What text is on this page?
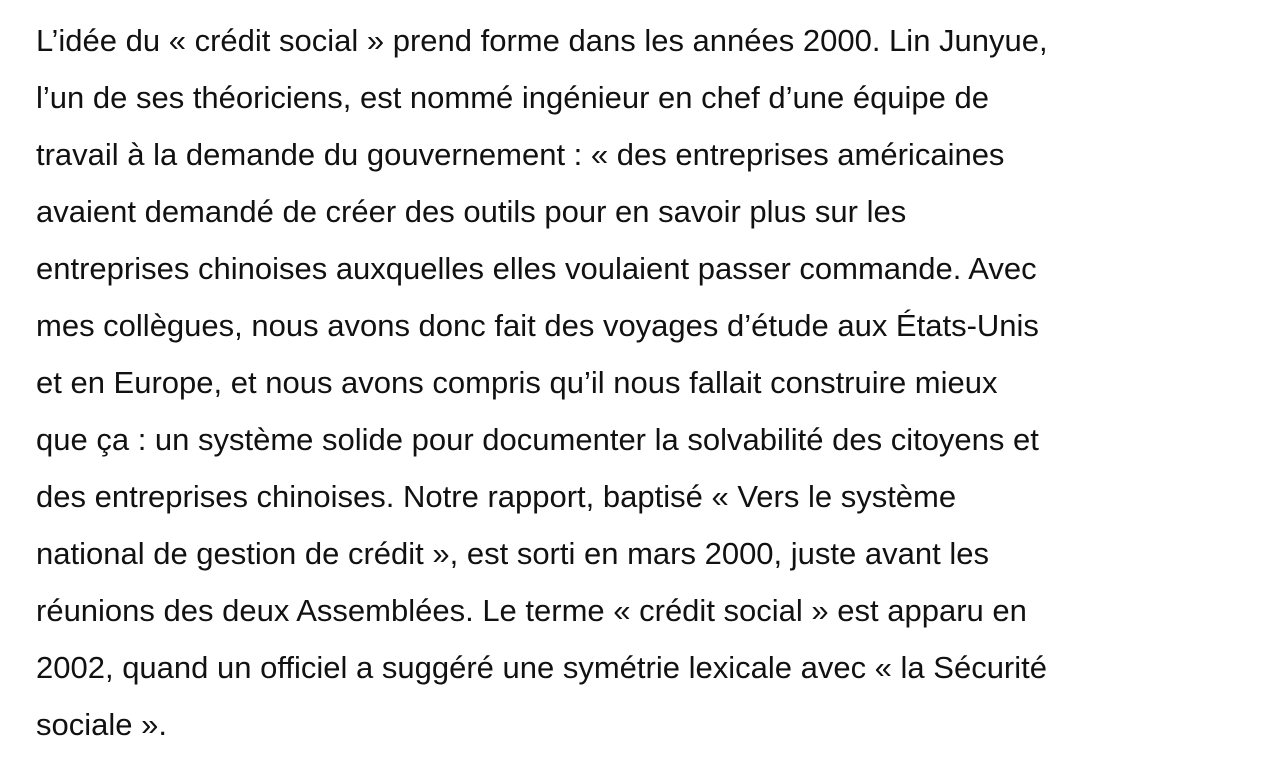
L’idée du « crédit social » prend forme dans les années 2000. Lin Junyue,
l’un de ses théoriciens, est nommé ingénieur en chef d’une équipe de
travail à la demande du gouvernement : « des entreprises américaines
avaient demandé de créer des outils pour en savoir plus sur les
entreprises chinoises auxquelles elles voulaient passer commande. Avec
mes collègues, nous avons donc fait des voyages d’étude aux États-Unis
et en Europe, et nous avons compris qu’il nous fallait construire mieux
que ça : un système solide pour documenter la solvabilité des citoyens et
des entreprises chinoises. Notre rapport, baptisé « Vers le système
national de gestion de crédit », est sorti en mars 2000, juste avant les
réunions des deux Assemblées. Le terme « crédit social » est apparu en
2002, quand un officiel a suggéré une symétrie lexicale avec « la Sécurité
sociale ».
